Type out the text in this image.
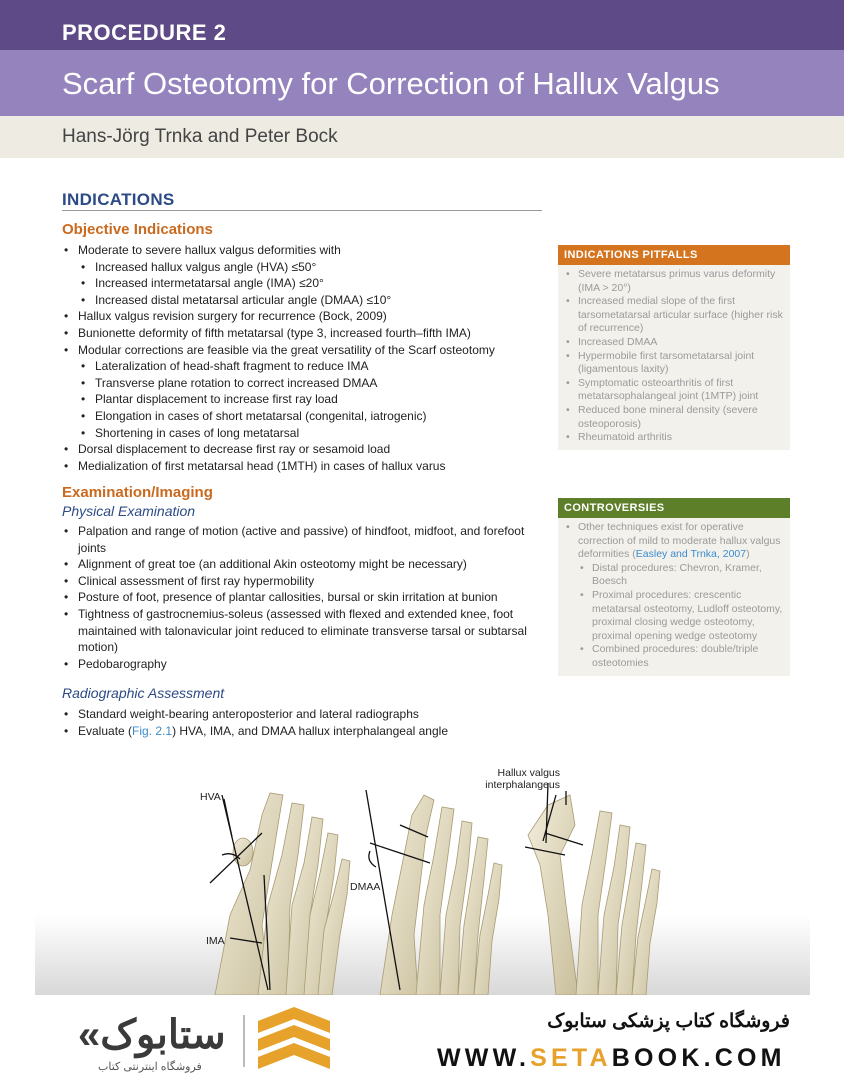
PROCEDURE 2
Scarf Osteotomy for Correction of Hallux Valgus
Hans-Jörg Trnka and Peter Bock
INDICATIONS
Objective Indications
• Moderate to severe hallux valgus deformities with
• Increased hallux valgus angle (HVA) ≤50°
• Increased intermetatarsal angle (IMA) ≤20°
• Increased distal metatarsal articular angle (DMAA) ≤10°
• Hallux valgus revision surgery for recurrence (Bock, 2009)
• Bunionette deformity of fifth metatarsal (type 3, increased fourth–fifth IMA)
• Modular corrections are feasible via the great versatility of the Scarf osteotomy
• Lateralization of head-shaft fragment to reduce IMA
• Transverse plane rotation to correct increased DMAA
• Plantar displacement to increase first ray load
• Elongation in cases of short metatarsal (congenital, iatrogenic)
• Shortening in cases of long metatarsal
• Dorsal displacement to decrease first ray or sesamoid load
• Medialization of first metatarsal head (1MTH) in cases of hallux varus
Examination/Imaging
Physical Examination
• Palpation and range of motion (active and passive) of hindfoot, midfoot, and forefoot joints
• Alignment of great toe (an additional Akin osteotomy might be necessary)
• Clinical assessment of first ray hypermobility
• Posture of foot, presence of plantar callosities, bursal or skin irritation at bunion
• Tightness of gastrocnemius-soleus (assessed with flexed and extended knee, foot maintained with talonavicular joint reduced to eliminate transverse tarsal or subtarsal motion)
• Pedobarography
Radiographic Assessment
• Standard weight-bearing anteroposterior and lateral radiographs
• Evaluate (Fig. 2.1) HVA, IMA, and DMAA hallux interphalangeal angle
INDICATIONS PITFALLS
• Severe metatarsus primus varus deformity (IMA > 20°)
• Increased medial slope of the first tarsometatarsal articular surface (higher risk of recurrence)
• Increased DMAA
• Hypermobile first tarsometatarsal joint (ligamentous laxity)
• Symptomatic osteoarthritis of first metatarsophalangeal joint (1MTP) joint
• Reduced bone mineral density (severe osteoporosis)
• Rheumatoid arthritis
CONTROVERSIES
• Other techniques exist for operative correction of mild to moderate hallux valgus deformities (Easley and Trnka, 2007)
• Distal procedures: Chevron, Kramer, Boesch
• Proximal procedures: crescentic metatarsal osteotomy, Ludloff osteotomy, proximal closing wedge osteotomy, proximal opening wedge osteotomy
• Combined procedures: double/triple osteotomies
HVA
IMA
DMAA
Hallux valgus
interphalangeus
«ستابوک
فروشگاه اینترنتی کتاب
فروشگاه کتاب پزشکی ستابوک
WWW.SETABOOK.COM
